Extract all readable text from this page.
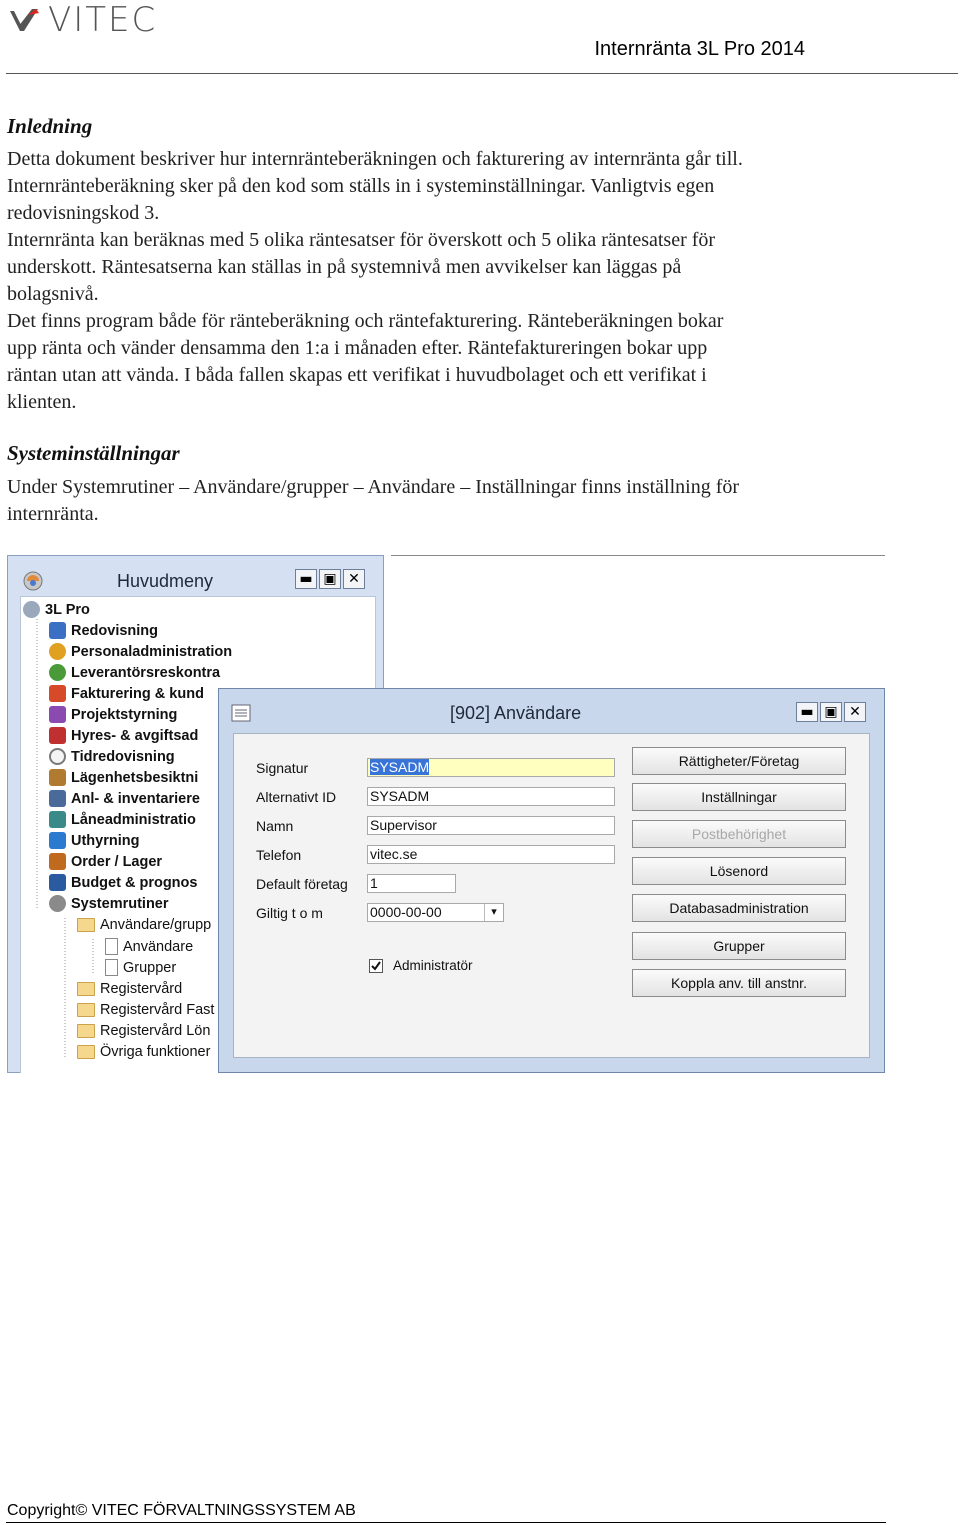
VITEC
Internränta 3L Pro 2014
Inledning
Detta dokument beskriver hur internränteberäkningen och fakturering av internränta går till.
Internränteberäkning sker på den kod som ställs in i systeminställningar. Vanligtvis egen
redovisningskod 3.
Internränta kan beräknas med 5 olika räntesatser för överskott och 5 olika räntesatser för
underskott. Räntesatserna kan ställas in på systemnivå men avvikelser kan läggas på
bolagsnivå.
Det finns program både för ränteberäkning och räntefakturering. Ränteberäkningen bokar
upp ränta och vänder densamma den 1:a i månaden efter. Räntefaktureringen bokar upp
räntan utan att vända. I båda fallen skapas ett verifikat i huvudbolaget och ett verifikat i
klienten.
Systeminställningar
Under Systemrutiner – Användare/grupper – Användare – Inställningar finns inställning för
internränta.
Huvudmeny	▬ ▣ ✕
3L Pro
Redovisning
Personaladministration
Leverantörsreskontra
Fakturering & kund
Projektstyrning
Hyres- & avgiftsad
Tidredovisning
Lägenhetsbesiktni
Anl- & inventariere
Låneadministratio
Uthyrning
Order / Lager
Budget & prognos
Systemrutiner
Användare/grupp
Användare
Grupper
Registervård
Registervård Fast
Registervård Lön
Övriga funktioner
[902] Användare	▬ ▣ ✕
Signatur	SYSADM
Alternativt ID SYSADM
Namn	Supervisor
Telefon	vitec.se
Default företag 1
Giltig t o m	0000-00-00	▾
Administratör
Rättigheter/Företag
Inställningar
Postbehörighet
Lösenord
Databasadministration
Grupper
Koppla anv. till anstnr.
Copyright© VITEC FÖRVALTNINGSSYSTEM AB
